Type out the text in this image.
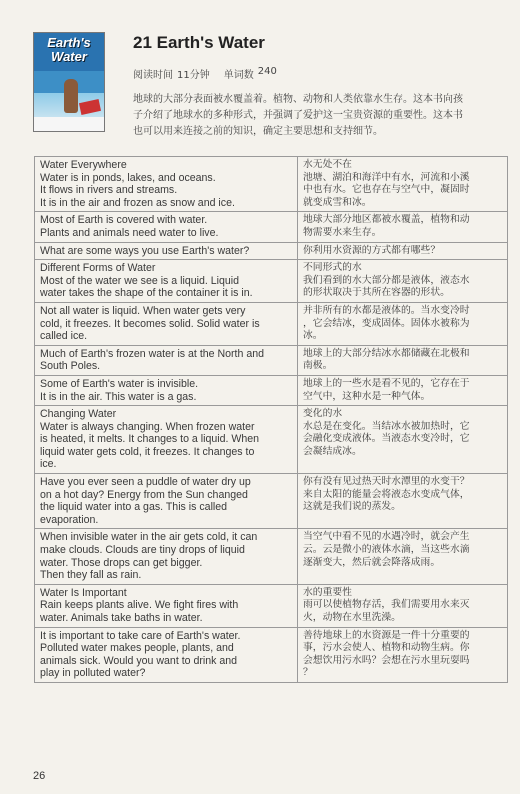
Earth's
Water
21 Earth's Water
阅读时间 11分钟 单词数 240
地球的大部分表面被水覆盖着。植物、动物和人类依靠水生存。这本书向孩
子介绍了地球水的多种形式，并强调了爱护这一宝贵资源的重要性。这本书
也可以用来连接之前的知识，确定主要思想和支持细节。
Water Everywhere
Water is in ponds, lakes, and oceans.
It flows in rivers and streams.
It is in the air and frozen as snow and ice.	水无处不在
池塘、湖泊和海洋中有水，河流和小溪
中也有水。它也存在与空气中，凝固时
就变成雪和冰。

Most of Earth is covered with water.
Plants and animals need water to live.	地球大部分地区都被水覆盖，植物和动
物需要水来生存。

What are some ways you use Earth's water?	你利用水资源的方式都有哪些？

Different Forms of Water
Most of the water we see is a liquid. Liquid
water takes the shape of the container it is in.	不同形式的水
我们看到的水大部分都是液体，液态水
的形状取决于其所在容器的形状。

Not all water is liquid. When water gets very
cold, it freezes. It becomes solid. Solid water is
called ice.	并非所有的水都是液体的。当水变冷时
，它会结冰，变成固体。固体水被称为
冰。

Much of Earth's frozen water is at the North and
South Poles.	地球上的大部分结冰水都储藏在北极和
南极。

Some of Earth's water is invisible.
It is in the air. This water is a gas.	地球上的一些水是看不见的，它存在于
空气中，这种水是一种气体。

Changing Water
Water is always changing. When frozen water
is heated, it melts. It changes to a liquid. When
liquid water gets cold, it freezes. It changes to
ice.	变化的水
水总是在变化。当结冰水被加热时，它
会融化变成液体。当液态水变冷时，它
会凝结成冰。

Have you ever seen a puddle of water dry up
on a hot day? Energy from the Sun changed
the liquid water into a gas. This is called
evaporation.	你有没有见过热天时水潭里的水变干？
来自太阳的能量会将液态水变成气体，
这就是我们说的蒸发。

When invisible water in the air gets cold, it can
make clouds. Clouds are tiny drops of liquid
water. Those drops can get bigger.
Then they fall as rain.	当空气中看不见的水遇冷时，就会产生
云。云是微小的液体水滴，当这些水滴
逐渐变大，然后就会降落成雨。

Water Is Important
Rain keeps plants alive. We fight fires with
water. Animals take baths in water.	水的重要性
雨可以使植物存活，我们需要用水来灭
火，动物在水里洗澡。

It is important to take care of Earth's water.
Polluted water makes people, plants, and
animals sick. Would you want to drink and
play in polluted water?	善待地球上的水资源是一件十分重要的
事，污水会使人、植物和动物生病。你
会想饮用污水吗？会想在污水里玩耍吗
？
26
